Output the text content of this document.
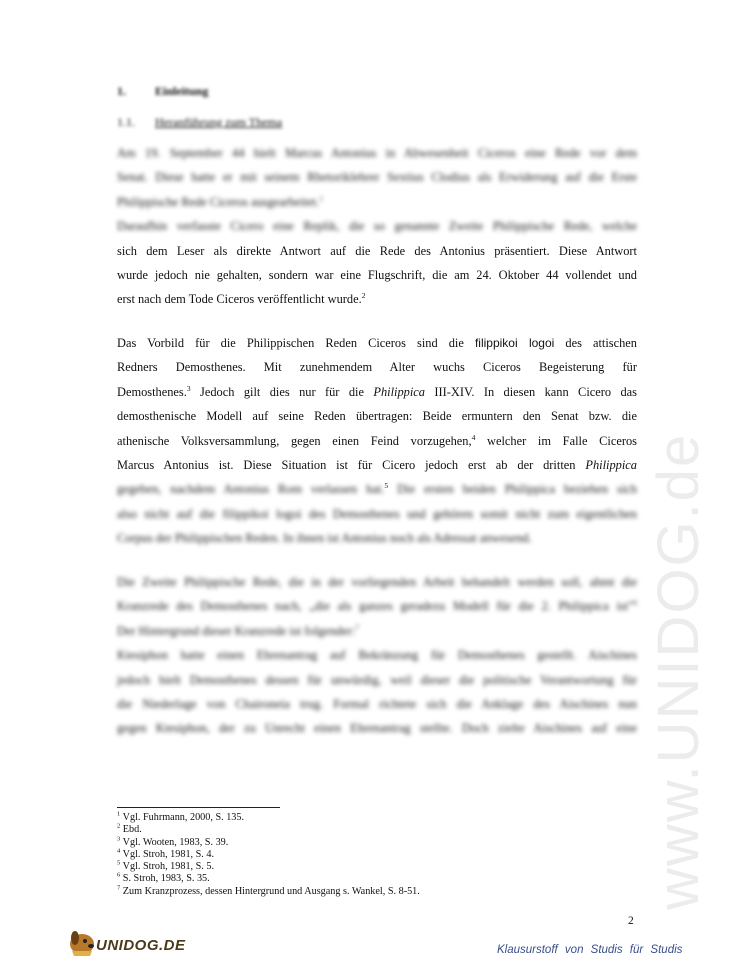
www.UNIDOG.de
1. Einleitung
1.1. Heranführung zum Thema
Am 19. September 44 hielt Marcus Antonius in Abwesenheit Ciceros eine Rede vor dem
Senat. Diese hatte er mit seinem Rhetoriklehrer Sextius Clodius als Erwiderung auf die Erste
Philippische Rede Ciceros ausgearbeitet.$^1$
Daraufhin verfasste Cicero eine Replik, die so genannte Zweite Philippische Rede, welche
sich dem Leser als direkte Antwort auf die Rede des Antonius präsentiert. Diese Antwort
wurde jedoch nie gehalten, sondern war eine Flugschrift, die am 24. Oktober 44 vollendet und
erst nach dem Tode Ciceros veröffentlicht wurde.$^2$
Das Vorbild für die Philippischen Reden Ciceros sind die filippikoi logoi des attischen
Redners Demosthenes. Mit zunehmendem Alter wuchs Ciceros Begeisterung für
Demosthenes.$^3$ Jedoch gilt dies nur für die Philippica III-XIV. In diesen kann Cicero das
demosthenische Modell auf seine Reden übertragen: Beide ermuntern den Senat bzw. die
athenische Volksversammlung, gegen einen Feind vorzugehen,$^4$ welcher im Falle Ciceros
Marcus Antonius ist. Diese Situation ist für Cicero jedoch erst ab der dritten Philippica
gegeben, nachdem Antonius Rom verlassen hat.$^5$ Die ersten beiden Philippica beziehen sich
also nicht auf die filippikoi logoi des Demosthenes und gehören somit nicht zum eigentlichen
Corpus der Philippischen Reden. In ihnen ist Antonius noch als Adressat anwesend.
Die Zweite Philippische Rede, die in der vorliegenden Arbeit behandelt werden soll, ahmt die
Kranzrede des Demosthenes nach, „die als ganzes geradezu Modell für die 2. Philippica ist"$^6$
Der Hintergrund dieser Kranzrede ist folgender:$^7$
Ktesiphon hatte einen Ehrenantrag auf Bekränzung für Demosthenes gestellt. Aischines
jedoch hielt Demosthenes dessen für unwürdig, weil dieser die politische Verantwortung für
die Niederlage von Chaironeia trug. Formal richtete sich die Anklage des Aischines nun
gegen Ktesiphon, der zu Unrecht einen Ehrenantrag stellte. Doch zielte Aischines auf eine
$^1$ Vgl. Fuhrmann, 2000, S. 135.
$^2$ Ebd.
$^3$ Vgl. Wooten, 1983, S. 39.
$^4$ Vgl. Stroh, 1981, S. 4.
$^5$ Vgl. Stroh, 1981, S. 5.
$^6$ S. Stroh, 1983, S. 35.
$^7$ Zum Kranzprozess, dessen Hintergrund und Ausgang s. Wankel, S. 8-51.
2
UNIDOG.DE	Klausurstoff von Studis für Studis
